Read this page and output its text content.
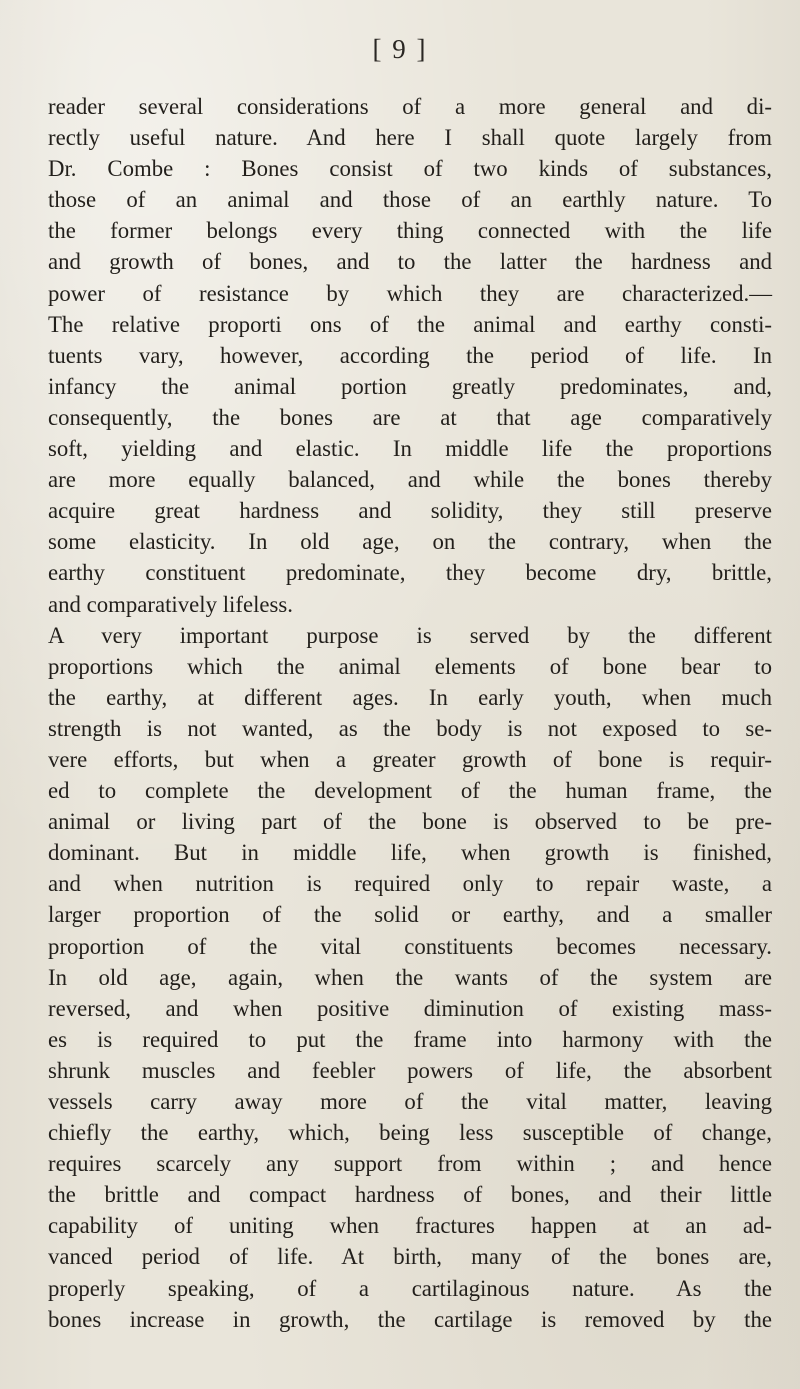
[ 9 ]
reader several considerations of a more general and di-
rectly useful nature. And here I shall quote largely from
Dr. Combe : Bones consist of two kinds of substances,
those of an animal and those of an earthly nature. To
the former belongs every thing connected with the life
and growth of bones, and to the latter the hardness and
power of resistance by which they are characterized.—
The relative proporti ons of the animal and earthy consti-
tuents vary, however, according the period of life. In
infancy the animal portion greatly predominates, and,
consequently, the bones are at that age comparatively
soft, yielding and elastic. In middle life the proportions
are more equally balanced, and while the bones thereby
acquire great hardness and solidity, they still preserve
some elasticity. In old age, on the contrary, when the
earthy constituent predominate, they become dry, brittle,
and comparatively lifeless.
A very important purpose is served by the different
proportions which the animal elements of bone bear to
the earthy, at different ages. In early youth, when much
strength is not wanted, as the body is not exposed to se-
vere efforts, but when a greater growth of bone is requir-
ed to complete the development of the human frame, the
animal or living part of the bone is observed to be pre-
dominant. But in middle life, when growth is finished,
and when nutrition is required only to repair waste, a
larger proportion of the solid or earthy, and a smaller
proportion of the vital constituents becomes necessary.
In old age, again, when the wants of the system are
reversed, and when positive diminution of existing mass-
es is required to put the frame into harmony with the
shrunk muscles and feebler powers of life, the absorbent
vessels carry away more of the vital matter, leaving
chiefly the earthy, which, being less susceptible of change,
requires scarcely any support from within ; and hence
the brittle and compact hardness of bones, and their little
capability of uniting when fractures happen at an ad-
vanced period of life. At birth, many of the bones are,
properly speaking, of a cartilaginous nature. As the
bones increase in growth, the cartilage is removed by the
